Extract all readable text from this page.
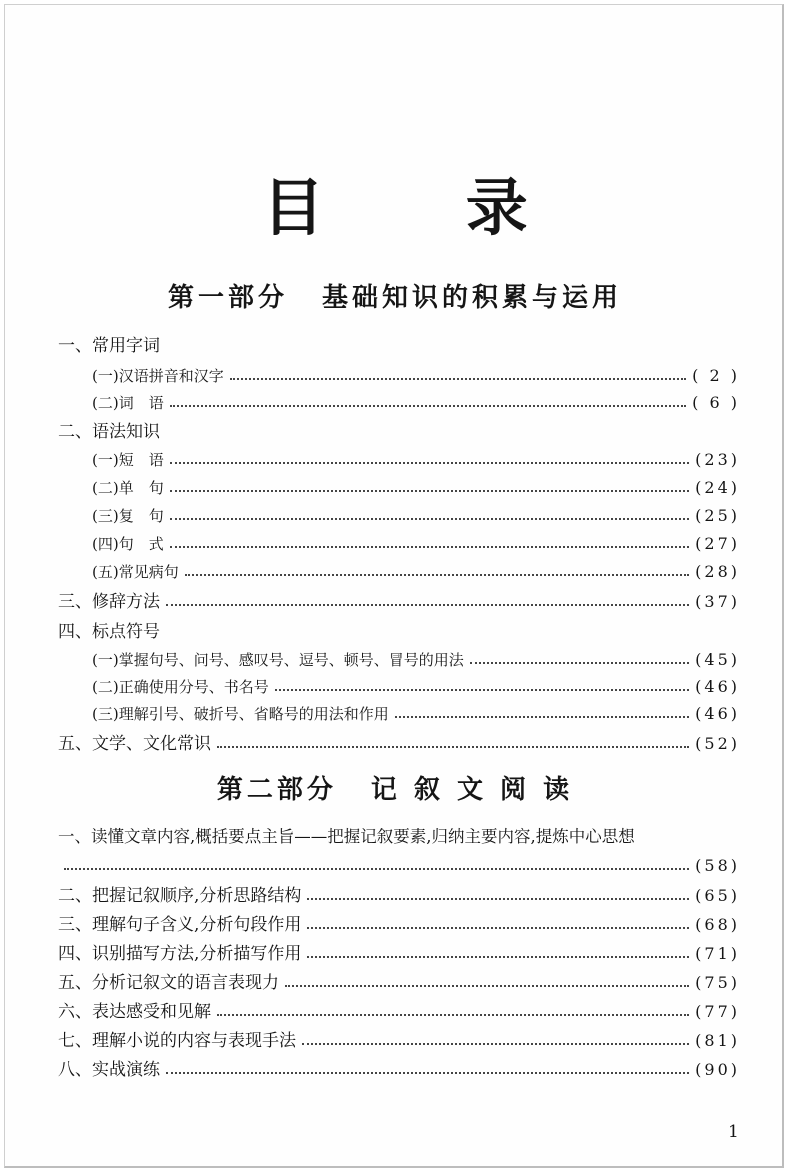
目 录
第一部分 基础知识的积累与运用
一、常用字词
(一)汉语拼音和汉字	( 2 )
(二)词　语	( 6 )
二、语法知识
(一)短　语	(23)
(二)单　句	(24)
(三)复　句	(25)
(四)句　式	(27)
(五)常见病句	(28)
三、修辞方法	(37)
四、标点符号
(一)掌握句号、问号、感叹号、逗号、顿号、冒号的用法	(45)
(二)正确使用分号、书名号	(46)
(三)理解引号、破折号、省略号的用法和作用	(46)
五、文学、文化常识	(52)
第二部分 记 叙 文 阅 读
一、读懂文章内容,概括要点主旨——把握记叙要素,归纳主要内容,提炼中心思想
(58)
二、把握记叙顺序,分析思路结构	(65)
三、理解句子含义,分析句段作用	(68)
四、识别描写方法,分析描写作用	(71)
五、分析记叙文的语言表现力	(75)
六、表达感受和见解	(77)
七、理解小说的内容与表现手法	(81)
八、实战演练	(90)
1
